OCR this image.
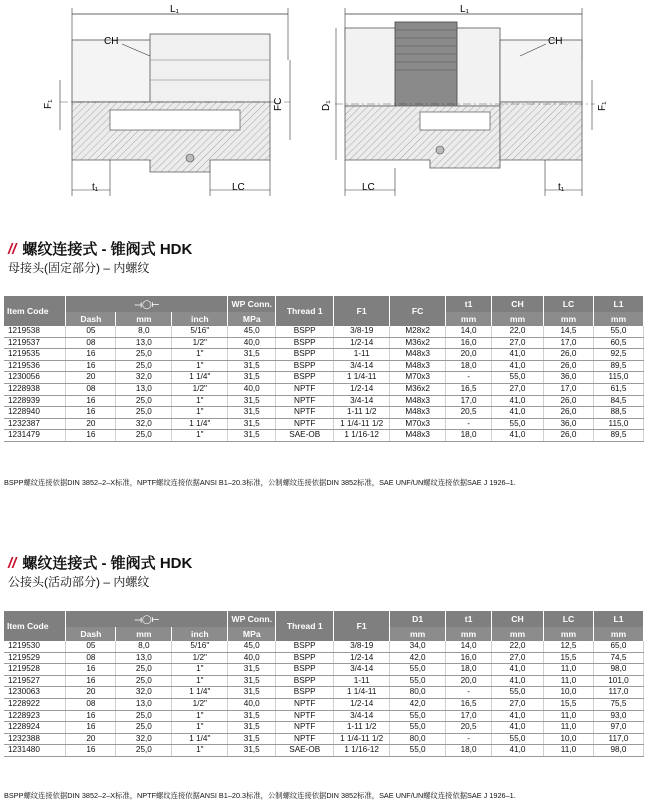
L₁
CH
F₁	FC
t₁	LC
L₁
CH
D₁	F₁
LC	t₁
// 螺纹连接式 - 锥阀式 HDK
母接头(固定部分) – 内螺纹
Item Code	⟞◯⟝			WP Conn.	Thread 1	F1	FC	t1	CH	LC	L1
	Dash	mm	inch	MPa				mm	mm	mm	mm
1219538	05	8,0	5/16"	45,0	BSPP	3/8-19	M28x2	14,0	22,0	14,5	55,0
1219537	08	13,0	1/2"	40,0	BSPP	1/2-14	M36x2	16,0	27,0	17,0	60,5
1219535	16	25,0	1"	31,5	BSPP	1-11	M48x3	20,0	41,0	26,0	92,5
1219536	16	25,0	1"	31,5	BSPP	3/4-14	M48x3	18,0	41,0	26,0	89,5
1230056	20	32,0	1 1/4"	31,5	BSPP	1 1/4-11	M70x3	-	55,0	36,0	115,0
1228938	08	13,0	1/2"	40,0	NPTF	1/2-14	M36x2	16,5	27,0	17,0	61,5
1228939	16	25,0	1"	31,5	NPTF	3/4-14	M48x3	17,0	41,0	26,0	84,5
1228940	16	25,0	1"	31,5	NPTF	1-11 1/2	M48x3	20,5	41,0	26,0	88,5
1232387	20	32,0	1 1/4"	31,5	NPTF	1 1/4-11 1/2	M70x3	-	55,0	36,0	115,0
1231479	16	25,0	1"	31,5	SAE-OB	1 1/16-12	M48x3	18,0	41,0	26,0	89,5
BSPP螺纹连接依据DIN 3852–2–X标准，NPTF螺纹连接依据ANSI B1–20.3标准，公制螺纹连接依据DIN 3852标准，SAE UNF/UN螺纹连接依据SAE J 1926–1.
// 螺纹连接式 - 锥阀式 HDK
公接头(活动部分) – 内螺纹
Item Code	⟞◯⟝			WP Conn.	Thread 1	F1	D1	t1	CH	LC	L1
	Dash	mm	inch	MPa			mm	mm	mm	mm	mm
1219530	05	8,0	5/16"	45,0	BSPP	3/8-19	34,0	14,0	22,0	12,5	65,0
1219529	08	13,0	1/2"	40,0	BSPP	1/2-14	42,0	16,0	27,0	15,5	74,5
1219528	16	25,0	1"	31,5	BSPP	3/4-14	55,0	18,0	41,0	11,0	98,0
1219527	16	25,0	1"	31,5	BSPP	1-11	55,0	20,0	41,0	11,0	101,0
1230063	20	32,0	1 1/4"	31,5	BSPP	1 1/4-11	80,0	-	55,0	10,0	117,0
1228922	08	13,0	1/2"	40,0	NPTF	1/2-14	42,0	16,5	27,0	15,5	75,5
1228923	16	25,0	1"	31,5	NPTF	3/4-14	55,0	17,0	41,0	11,0	93,0
1228924	16	25,0	1"	31,5	NPTF	1-11 1/2	55,0	20,5	41,0	11,0	97,0
1232388	20	32,0	1 1/4"	31,5	NPTF	1 1/4-11 1/2	80,0	-	55,0	10,0	117,0
1231480	16	25,0	1"	31,5	SAE-OB	1 1/16-12	55,0	18,0	41,0	11,0	98,0
BSPP螺纹连接依据DIN 3852–2–X标准，NPTF螺纹连接依据ANSI B1–20.3标准，公制螺纹连接依据DIN 3852标准，SAE UNF/UN螺纹连接依据SAE J 1926–1.
